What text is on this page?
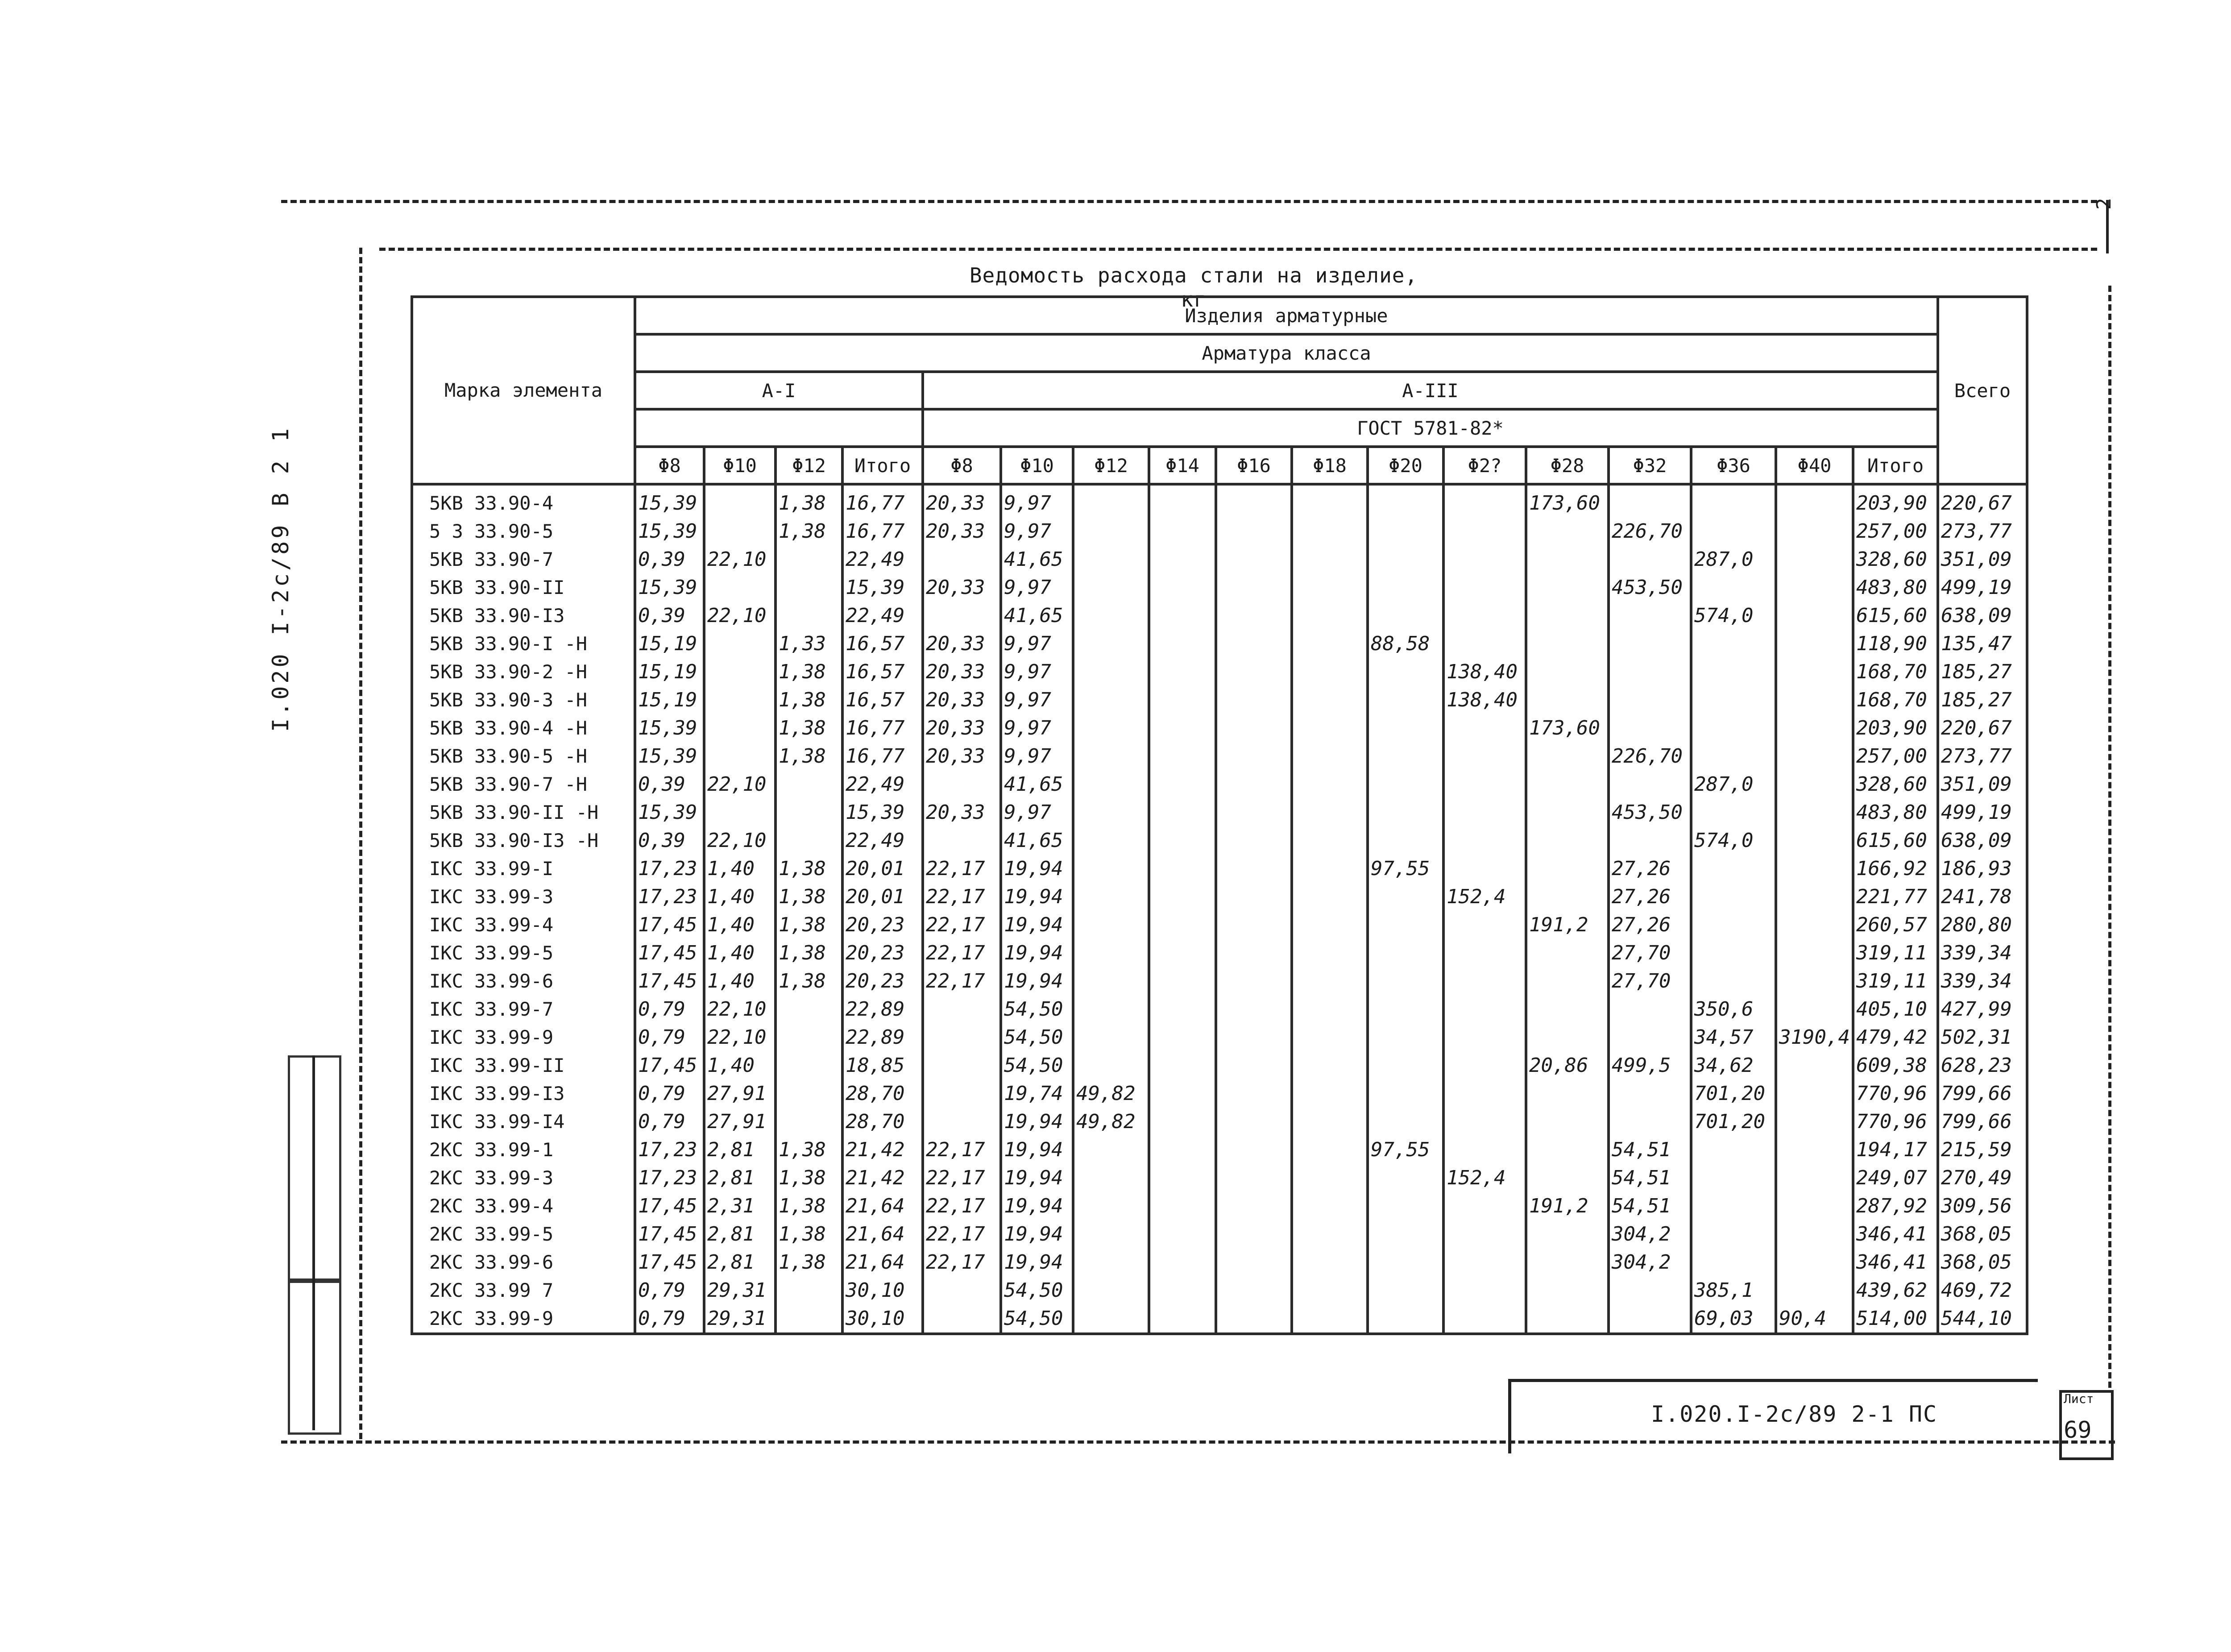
2
Ведомость расхода стали на изделие, кг
Марка элемента	Изделия арматурные																	Всего
	Арматура класса																	
	А-I				А-III													
					ГОСТ 5781-82*													
	Φ8	Φ10	Φ12	Итого	Φ8	Φ10	Φ12	Φ14	Φ16	Φ18	Φ20	Φ2?	Φ28	Φ32	Φ36	Φ40	Итого	
5КВ 33.90-4	15,39		1,38	16,77	20,33	9,97							173,60				203,90	220,67
5 3 33.90-5	15,39		1,38	16,77	20,33	9,97								226,70			257,00	273,77
5КВ 33.90-7	0,39	22,10		22,49		41,65									287,0		328,60	351,09
5КВ 33.90-II	15,39			15,39	20,33	9,97								453,50			483,80	499,19
5КВ 33.90-I3	0,39	22,10		22,49		41,65									574,0		615,60	638,09
5КВ 33.90-I -Н	15,19		1,33	16,57	20,33	9,97					88,58						118,90	135,47
5КВ 33.90-2 -Н	15,19		1,38	16,57	20,33	9,97						138,40					168,70	185,27
5КВ 33.90-3 -Н	15,19		1,38	16,57	20,33	9,97						138,40					168,70	185,27
5КВ 33.90-4 -Н	15,39		1,38	16,77	20,33	9,97							173,60				203,90	220,67
5КВ 33.90-5 -Н	15,39		1,38	16,77	20,33	9,97								226,70			257,00	273,77
5КВ 33.90-7 -Н	0,39	22,10		22,49		41,65									287,0		328,60	351,09
5КВ 33.90-II -Н	15,39			15,39	20,33	9,97								453,50			483,80	499,19
5КВ 33.90-I3 -Н	0,39	22,10		22,49		41,65									574,0		615,60	638,09
IКС 33.99-I	17,23	1,40	1,38	20,01	22,17	19,94					97,55			27,26			166,92	186,93
IКС 33.99-3	17,23	1,40	1,38	20,01	22,17	19,94						152,4		27,26			221,77	241,78
IКС 33.99-4	17,45	1,40	1,38	20,23	22,17	19,94							191,2	27,26			260,57	280,80
IКС 33.99-5	17,45	1,40	1,38	20,23	22,17	19,94								27,70			319,11	339,34
IКС 33.99-6	17,45	1,40	1,38	20,23	22,17	19,94								27,70			319,11	339,34
IКС 33.99-7	0,79	22,10		22,89		54,50									350,6		405,10	427,99
IКС 33.99-9	0,79	22,10		22,89		54,50									34,57	3190,4	479,42	502,31
IКС 33.99-II	17,45	1,40		18,85		54,50							20,86	499,5	34,62		609,38	628,23
IКС 33.99-I3	0,79	27,91		28,70		19,74	49,82								701,20		770,96	799,66
IКС 33.99-I4	0,79	27,91		28,70		19,94	49,82								701,20		770,96	799,66
2КС 33.99-1	17,23	2,81	1,38	21,42	22,17	19,94					97,55			54,51			194,17	215,59
2КС 33.99-3	17,23	2,81	1,38	21,42	22,17	19,94						152,4		54,51			249,07	270,49
2КС 33.99-4	17,45	2,31	1,38	21,64	22,17	19,94							191,2	54,51			287,92	309,56
2КС 33.99-5	17,45	2,81	1,38	21,64	22,17	19,94								304,2			346,41	368,05
2КС 33.99-6	17,45	2,81	1,38	21,64	22,17	19,94								304,2			346,41	368,05
2КС 33.99 7	0,79	29,31		30,10		54,50									385,1		439,62	469,72
2КС 33.99-9	0,79	29,31		30,10		54,50									69,03	90,4	514,00	544,10
I.020 I-2с/89 В 2 1
I.020.I-2с/89 2-1 ПС
Лист
69
